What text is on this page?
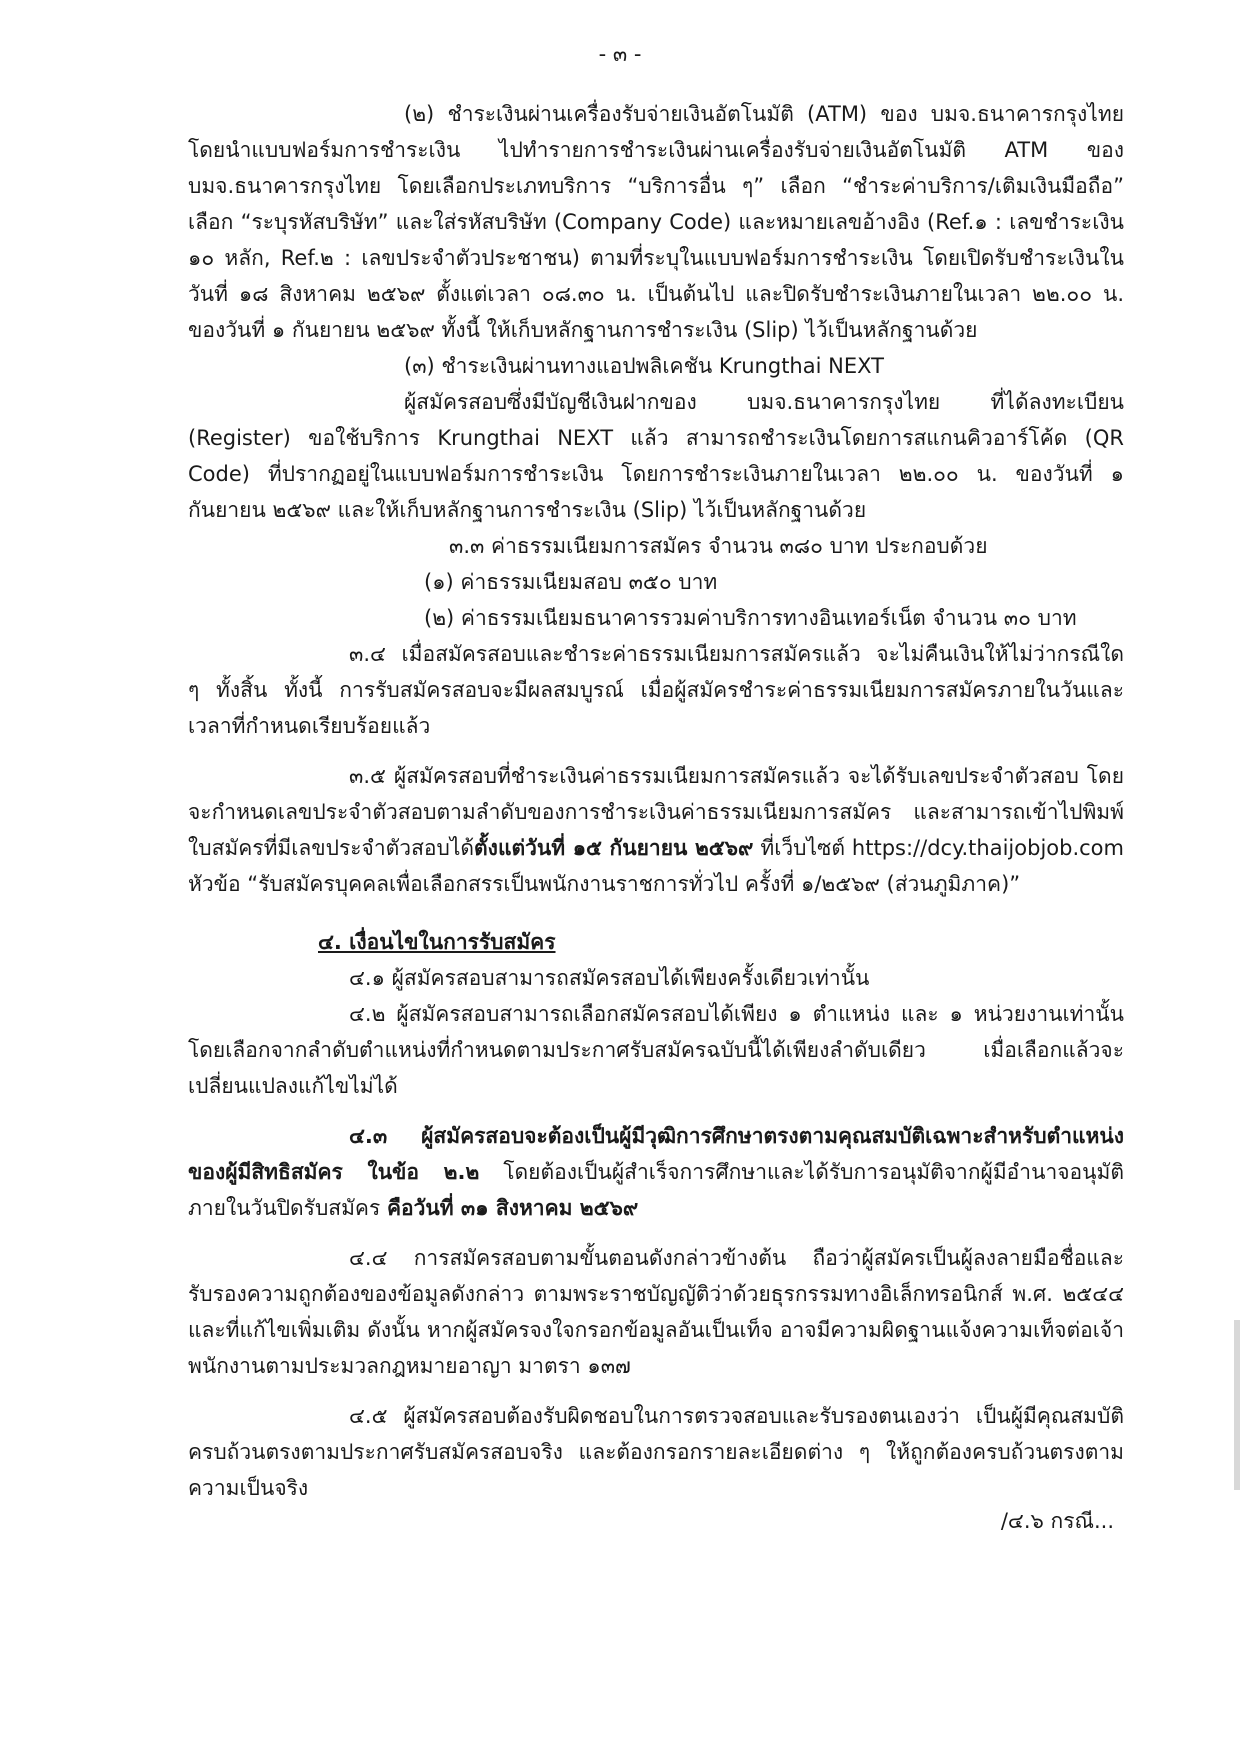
- ๓ -

(๒) ชำระเงินผ่านเครื่องรับจ่ายเงินอัตโนมัติ (ATM) ของ บมจ.ธนาคารกรุงไทย โดยนำแบบฟอร์มการชำระเงิน ไปทำรายการชำระเงินผ่านเครื่องรับจ่ายเงินอัตโนมัติ ATM ของ บมจ.ธนาคารกรุงไทย โดยเลือกประเภทบริการ “บริการอื่น ๆ” เลือก “ชำระค่าบริการ/เติมเงินมือถือ” เลือก “ระบุรหัสบริษัท” และใส่รหัสบริษัท (Company Code) และหมายเลขอ้างอิง (Ref.๑ : เลขชำระเงิน ๑๐ หลัก, Ref.๒ : เลขประจำตัวประชาชน) ตามที่ระบุในแบบฟอร์มการชำระเงิน โดยเปิดรับชำระเงินในวันที่ ๑๘ สิงหาคม ๒๕๖๙ ตั้งแต่เวลา ๐๘.๓๐ น. เป็นต้นไป และปิดรับชำระเงินภายในเวลา ๒๒.๐๐ น. ของวันที่ ๑ กันยายน ๒๕๖๙ ทั้งนี้ ให้เก็บหลักฐานการชำระเงิน (Slip) ไว้เป็นหลักฐานด้วย

(๓) ชำระเงินผ่านทางแอปพลิเคชัน Krungthai NEXT

ผู้สมัครสอบซึ่งมีบัญชีเงินฝากของ บมจ.ธนาคารกรุงไทย ที่ได้ลงทะเบียน (Register) ขอใช้บริการ Krungthai NEXT แล้ว สามารถชำระเงินโดยการสแกนคิวอาร์โค้ด (QR Code) ที่ปรากฏอยู่ในแบบฟอร์มการชำระเงิน โดยการชำระเงินภายในเวลา ๒๒.๐๐ น. ของวันที่ ๑ กันยายน ๒๕๖๙ และให้เก็บหลักฐานการชำระเงิน (Slip) ไว้เป็นหลักฐานด้วย

๓.๓ ค่าธรรมเนียมการสมัคร จำนวน ๓๘๐ บาท ประกอบด้วย

(๑) ค่าธรรมเนียมสอบ ๓๕๐ บาท

(๒) ค่าธรรมเนียมธนาคารรวมค่าบริการทางอินเทอร์เน็ต จำนวน ๓๐ บาท

๓.๔ เมื่อสมัครสอบและชำระค่าธรรมเนียมการสมัครแล้ว จะไม่คืนเงินให้ไม่ว่ากรณีใด ๆ ทั้งสิ้น ทั้งนี้ การรับสมัครสอบจะมีผลสมบูรณ์ เมื่อผู้สมัครชำระค่าธรรมเนียมการสมัครภายในวันและเวลาที่กำหนดเรียบร้อยแล้ว

๓.๕ ผู้สมัครสอบที่ชำระเงินค่าธรรมเนียมการสมัครแล้ว จะได้รับเลขประจำตัวสอบ โดยจะกำหนดเลขประจำตัวสอบตามลำดับของการชำระเงินค่าธรรมเนียมการสมัคร และสามารถเข้าไปพิมพ์ใบสมัครที่มีเลขประจำตัวสอบได้ตั้งแต่วันที่ ๑๕ กันยายน ๒๕๖๙ ที่เว็บไซต์ https://dcy.thaijobjob.com หัวข้อ “รับสมัครบุคคลเพื่อเลือกสรรเป็นพนักงานราชการทั่วไป ครั้งที่ ๑/๒๕๖๙ (ส่วนภูมิภาค)”

๔. เงื่อนไขในการรับสมัคร

๔.๑ ผู้สมัครสอบสามารถสมัครสอบได้เพียงครั้งเดียวเท่านั้น

๔.๒ ผู้สมัครสอบสามารถเลือกสมัครสอบได้เพียง ๑ ตำแหน่ง และ ๑ หน่วยงานเท่านั้น โดยเลือกจากลำดับตำแหน่งที่กำหนดตามประกาศรับสมัครฉบับนี้ได้เพียงลำดับเดียว เมื่อเลือกแล้วจะเปลี่ยนแปลงแก้ไขไม่ได้

๔.๓ ผู้สมัครสอบจะต้องเป็นผู้มีวุฒิการศึกษาตรงตามคุณสมบัติเฉพาะสำหรับตำแหน่งของผู้มีสิทธิสมัคร ในข้อ ๒.๒ โดยต้องเป็นผู้สำเร็จการศึกษาและได้รับการอนุมัติจากผู้มีอำนาจอนุมัติภายในวันปิดรับสมัคร คือวันที่ ๓๑ สิงหาคม ๒๕๖๙

๔.๔ การสมัครสอบตามขั้นตอนดังกล่าวข้างต้น ถือว่าผู้สมัครเป็นผู้ลงลายมือชื่อและรับรองความถูกต้องของข้อมูลดังกล่าว ตามพระราชบัญญัติว่าด้วยธุรกรรมทางอิเล็กทรอนิกส์ พ.ศ. ๒๕๔๔ และที่แก้ไขเพิ่มเติม ดังนั้น หากผู้สมัครจงใจกรอกข้อมูลอันเป็นเท็จ อาจมีความผิดฐานแจ้งความเท็จต่อเจ้าพนักงานตามประมวลกฎหมายอาญา มาตรา ๑๓๗

๔.๕ ผู้สมัครสอบต้องรับผิดชอบในการตรวจสอบและรับรองตนเองว่า เป็นผู้มีคุณสมบัติครบถ้วนตรงตามประกาศรับสมัครสอบจริง และต้องกรอกรายละเอียดต่าง ๆ ให้ถูกต้องครบถ้วนตรงตามความเป็นจริง

/๔.๖ กรณี...
